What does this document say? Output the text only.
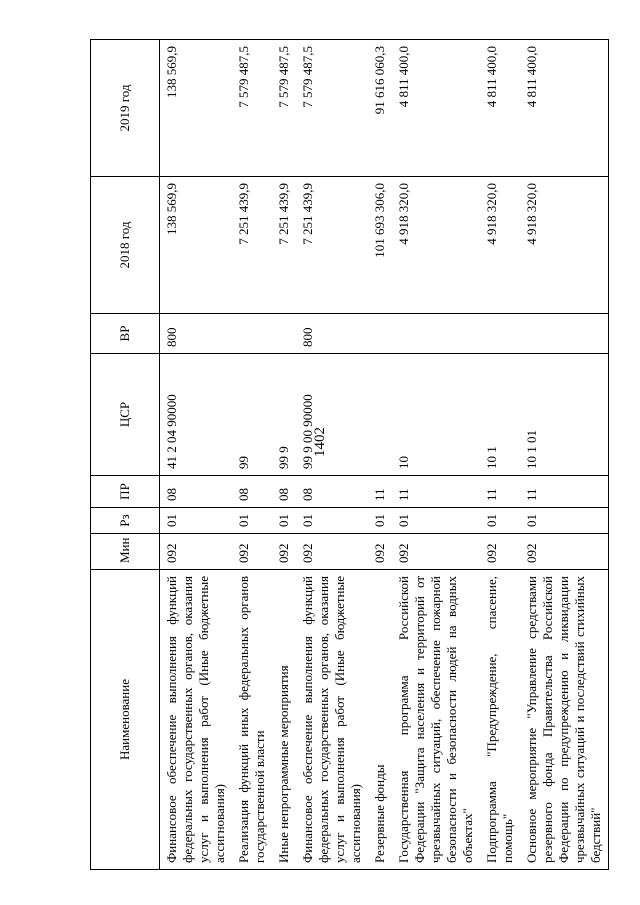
1402
Наименование	Мин	Рз	ПР	ЦСР	ВР	2018 год	2019 год
Финансовое обеспечение выполнения функций федеральных государственных органов, оказания услуг и выполнения работ (Иные бюджетные ассигнования)	092	01	08	41 2 04 90000	800	138 569,9	138 569,9
Реализация функций иных федеральных органов государственной власти	092	01	08	99		7 251 439,9	7 579 487,5
Иные непрограммные мероприятия	092	01	08	99 9		7 251 439,9	7 579 487,5
Финансовое обеспечение выполнения функций федеральных государственных органов, оказания услуг и выполнения работ (Иные бюджетные ассигнования)	092	01	08	99 9 00 90000	800	7 251 439,9	7 579 487,5
Резервные фонды	092	01	11			101 693 306,0	91 616 060,3
Государственная программа Российской Федерации "Защита населения и территорий от чрезвычайных ситуаций, обеспечение пожарной безопасности и безопасности людей на водных объектах"	092	01	11	10		4 918 320,0	4 811 400,0
Подпрограмма "Предупреждение, спасение, помощь"	092	01	11	10 1		4 918 320,0	4 811 400,0
Основное мероприятие "Управление средствами резервного фонда Правительства Российской Федерации по предупреждению и ликвидации чрезвычайных ситуаций и последствий стихийных бедствий"	092	01	11	10 1 01		4 918 320,0	4 811 400,0
